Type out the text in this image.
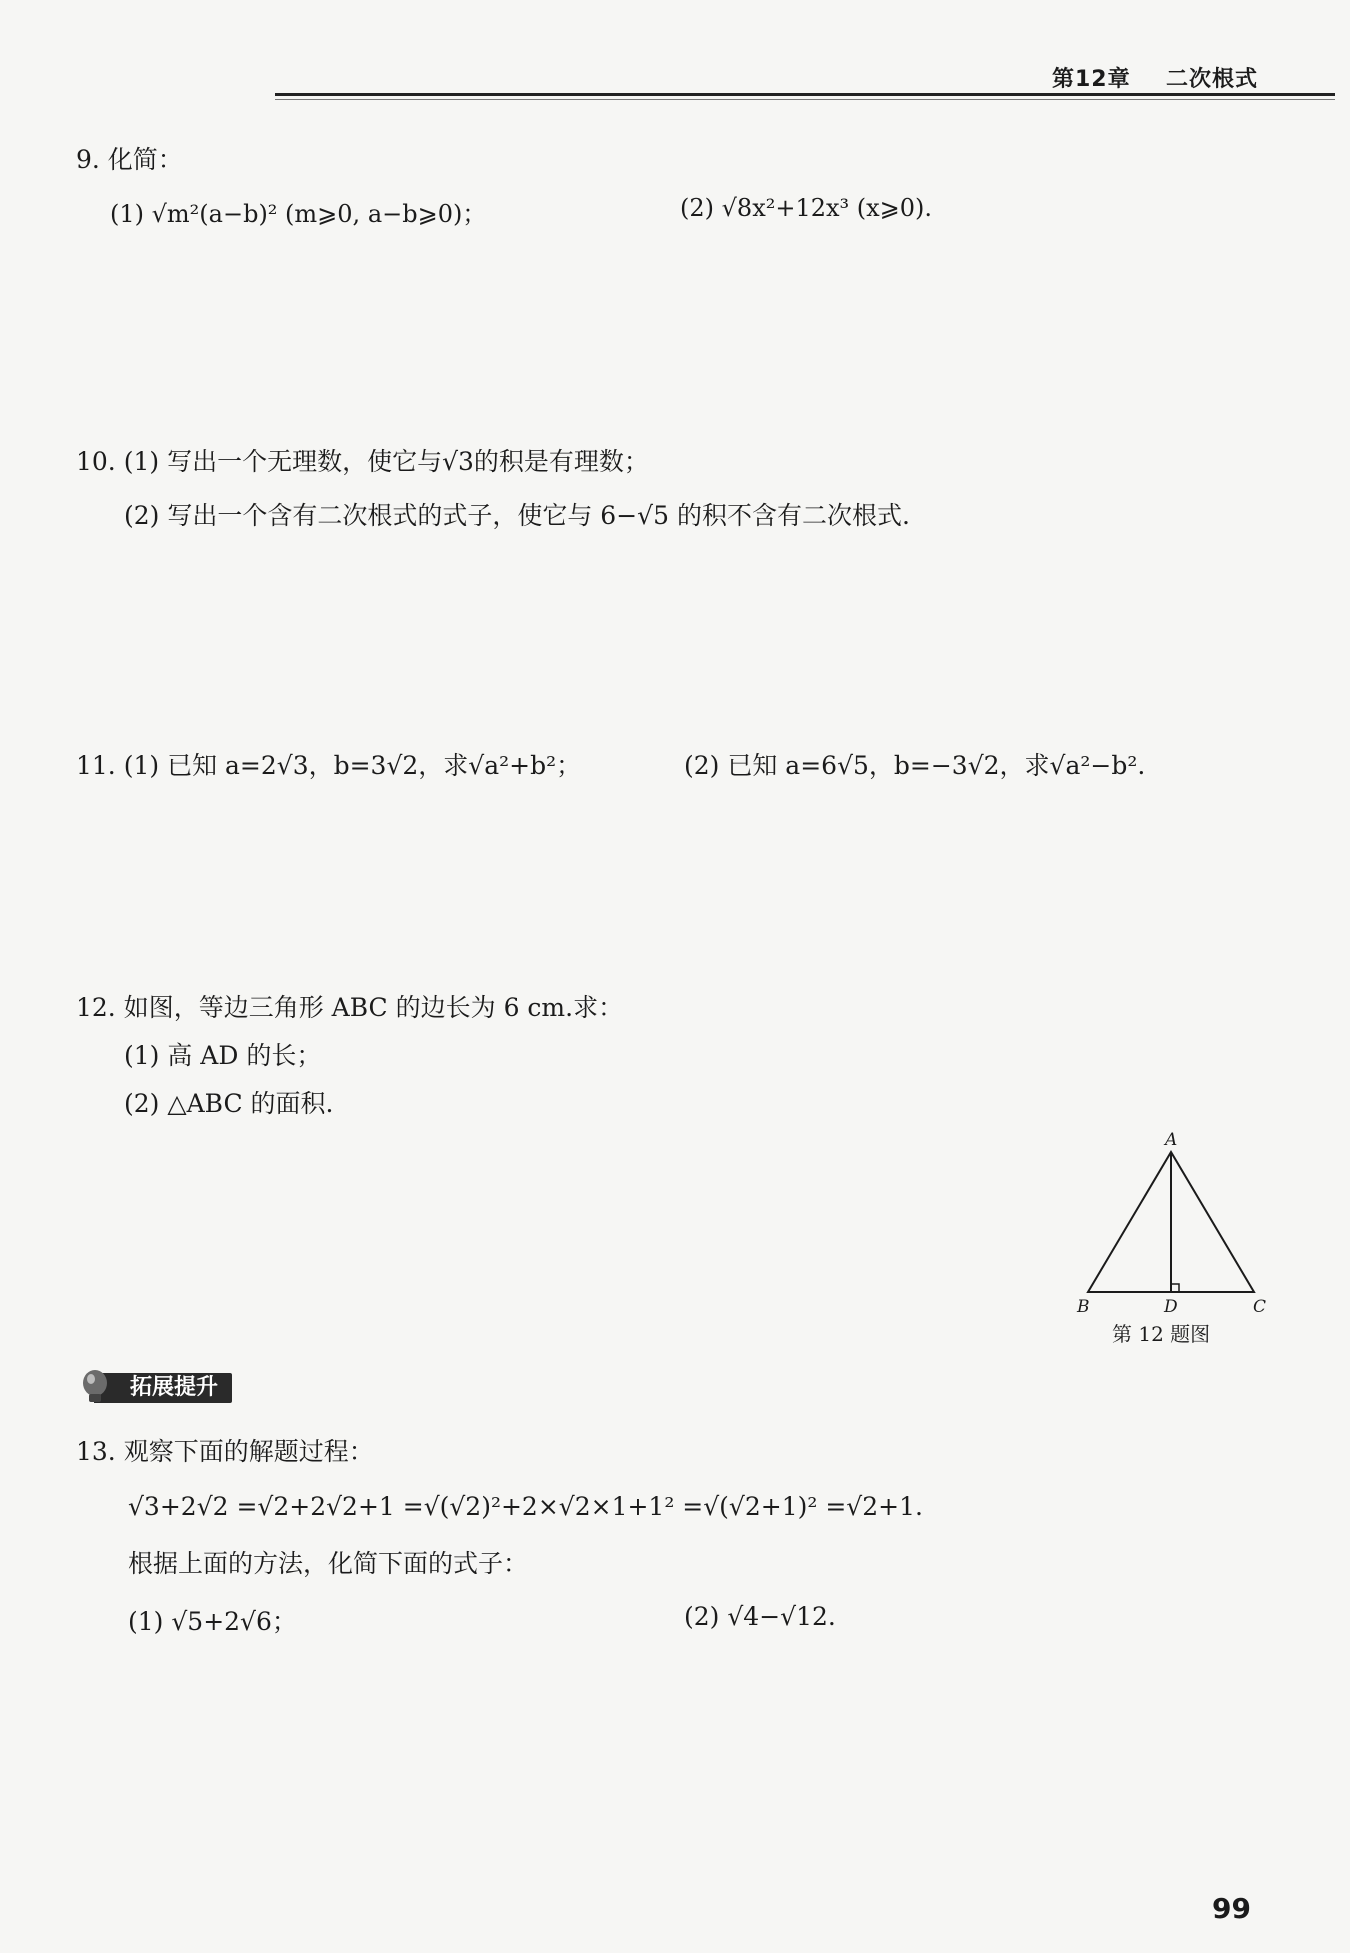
第12章 二次根式
9. 化简：
(1) √m²(a−b)² (m⩾0, a−b⩾0)；	(2) √8x²+12x³ (x⩾0).
10. (1) 写出一个无理数，使它与√3的积是有理数；
(2) 写出一个含有二次根式的式子，使它与 6−√5 的积不含有二次根式.
11. (1) 已知 a=2√3，b=3√2，求√a²+b²；	(2) 已知 a=6√5，b=−3√2，求√a²−b².
12. 如图，等边三角形 ABC 的边长为 6 cm.求：
(1) 高 AD 的长；
(2) △ABC 的面积.
A
B	C
D
第 12 题图
拓展提升
13. 观察下面的解题过程：
√3+2√2 =√2+2√2+1 =√(√2)²+2×√2×1+1² =√(√2+1)² =√2+1.
根据上面的方法，化简下面的式子：
(1) √5+2√6；	(2) √4−√12.
99
